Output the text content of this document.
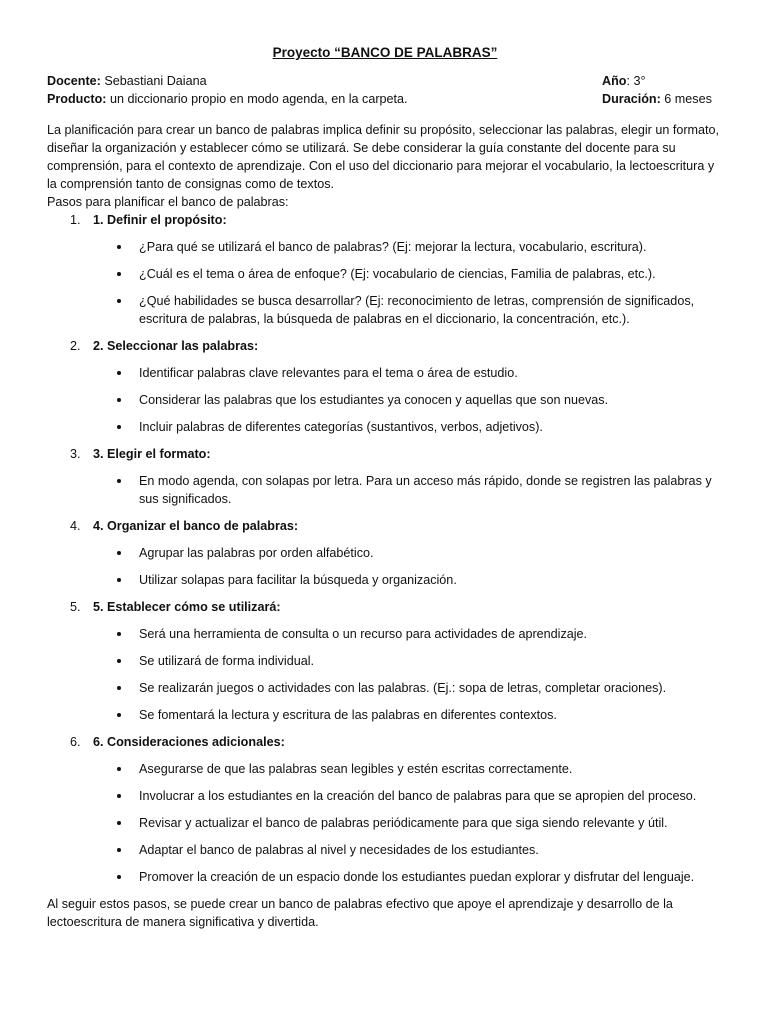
Proyecto “BANCO DE PALABRAS”
Docente: Sebastiani Daiana	Año: 3°
Producto: un diccionario propio en modo agenda, en la carpeta.	Duración: 6 meses

La planificación para crear un banco de palabras implica definir su propósito, seleccionar las palabras, elegir un formato, diseñar la organización y establecer cómo se utilizará. Se debe considerar la guía constante del docente para su comprensión, para el contexto de aprendizaje. Con el uso del diccionario para mejorar el vocabulario, la lectoescritura y la comprensión tanto de consignas como de textos.

Pasos para planificar el banco de palabras:

1. 1. Definir el propósito:
¿Para qué se utilizará el banco de palabras? (Ej: mejorar la lectura, vocabulario, escritura).
¿Cuál es el tema o área de enfoque? (Ej: vocabulario de ciencias, Familia de palabras, etc.).
¿Qué habilidades se busca desarrollar? (Ej: reconocimiento de letras, comprensión de significados, escritura de palabras, la búsqueda de palabras en el diccionario, la concentración, etc.).
2. 2. Seleccionar las palabras:
Identificar palabras clave relevantes para el tema o área de estudio.
Considerar las palabras que los estudiantes ya conocen y aquellas que son nuevas.
Incluir palabras de diferentes categorías (sustantivos, verbos, adjetivos).
3. 3. Elegir el formato:
En modo agenda, con solapas por letra. Para un acceso más rápido, donde se registren las palabras y sus significados.
4. 4. Organizar el banco de palabras:
Agrupar las palabras por orden alfabético.
Utilizar solapas para facilitar la búsqueda y organización.
5. 5. Establecer cómo se utilizará:
Será una herramienta de consulta o un recurso para actividades de aprendizaje.
Se utilizará de forma individual.
Se realizarán juegos o actividades con las palabras. (Ej.: sopa de letras, completar oraciones).
Se fomentará la lectura y escritura de las palabras en diferentes contextos.
6. 6. Consideraciones adicionales:
Asegurarse de que las palabras sean legibles y estén escritas correctamente.
Involucrar a los estudiantes en la creación del banco de palabras para que se apropien del proceso.
Revisar y actualizar el banco de palabras periódicamente para que siga siendo relevante y útil.
Adaptar el banco de palabras al nivel y necesidades de los estudiantes.
Promover la creación de un espacio donde los estudiantes puedan explorar y disfrutar del lenguaje.

Al seguir estos pasos, se puede crear un banco de palabras efectivo que apoye el aprendizaje y desarrollo de la lectoescritura de manera significativa y divertida.
